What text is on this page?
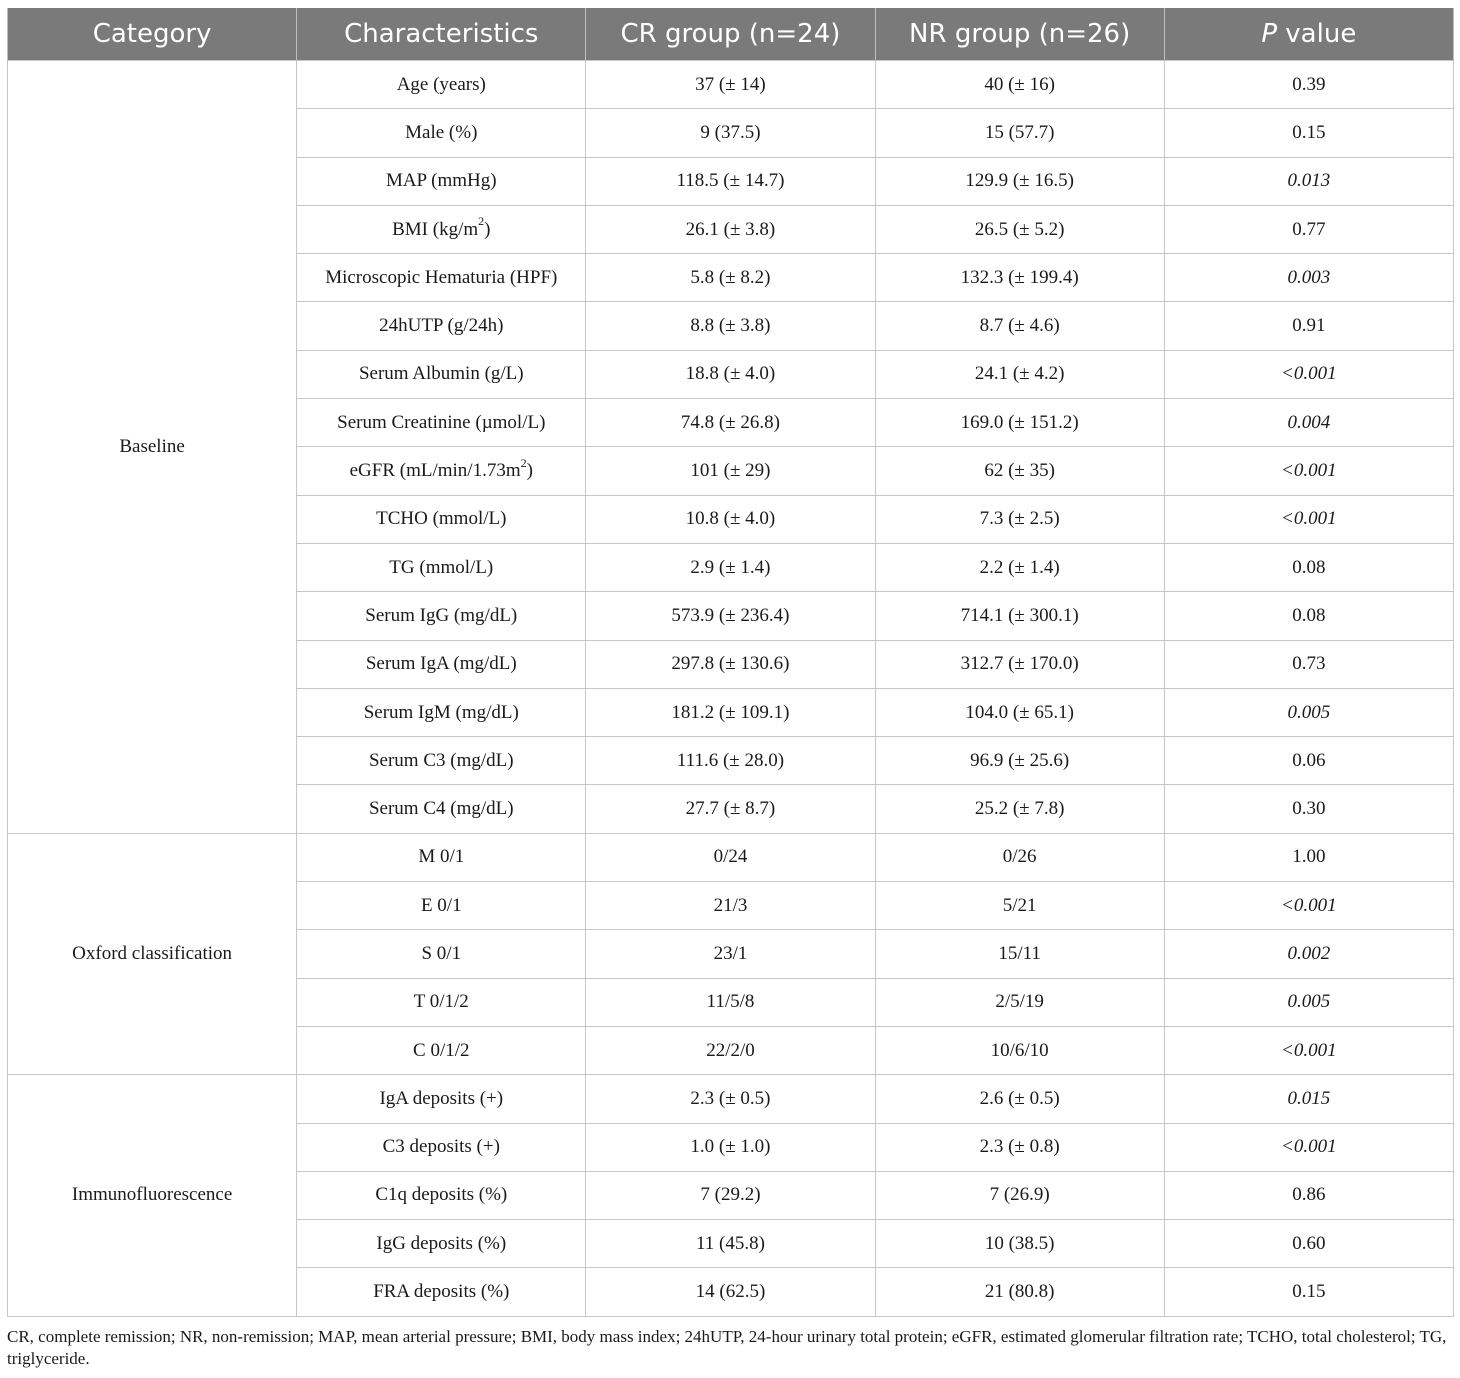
Category	Characteristics	CR group (n=24)	NR group (n=26)	P value
Baseline	Age (years)	37 (± 14)	40 (± 16)	0.39
	Male (%)	9 (37.5)	15 (57.7)	0.15
	MAP (mmHg)	118.5 (± 14.7)	129.9 (± 16.5)	0.013
	BMI $(kg/m^2)$	26.1 (± 3.8)	26.5 (± 5.2)	0.77
	Microscopic Hematuria (HPF)	5.8 (± 8.2)	132.3 (± 199.4)	0.003
	24hUTP (g/24h)	8.8 (± 3.8)	8.7 (± 4.6)	0.91
	Serum Albumin (g/L)	18.8 (± 4.0)	24.1 (± 4.2)	<0.001
	Serum Creatinine (µmol/L)	74.8 (± 26.8)	169.0 (± 151.2)	0.004
	eGFR $(mL/\min/1.73m^2)$	101 (± 29)	62 (± 35)	<0.001
	TCHO (mmol/L)	10.8 (± 4.0)	7.3 (± 2.5)	<0.001
	TG (mmol/L)	2.9 (± 1.4)	2.2 (± 1.4)	0.08
	Serum IgG (mg/dL)	573.9 (± 236.4)	714.1 (± 300.1)	0.08
	Serum IgA (mg/dL)	297.8 (± 130.6)	312.7 (± 170.0)	0.73
	Serum IgM (mg/dL)	181.2 (± 109.1)	104.0 (± 65.1)	0.005
	Serum C3 (mg/dL)	111.6 (± 28.0)	96.9 (± 25.6)	0.06
	Serum C4 (mg/dL)	27.7 (± 8.7)	25.2 (± 7.8)	0.30
Oxford classification	M 0/1	0/24	0/26	1.00
	E 0/1	21/3	5/21	<0.001
	S 0/1	23/1	15/11	0.002
	T 0/1/2	11/5/8	2/5/19	0.005
	C 0/1/2	22/2/0	10/6/10	<0.001
Immunofluorescence	IgA deposits (+)	2.3 (± 0.5)	2.6 (± 0.5)	0.015
	C3 deposits (+)	1.0 (± 1.0)	2.3 (± 0.8)	<0.001
	C1q deposits (%)	7 (29.2)	7 (26.9)	0.86
	IgG deposits (%)	11 (45.8)	10 (38.5)	0.60
	FRA deposits (%)	14 (62.5)	21 (80.8)	0.15
CR, complete remission; NR, non-remission; MAP, mean arterial pressure; BMI, body mass index; 24hUTP, 24-hour urinary total protein; eGFR, estimated glomerular filtration rate; TCHO, total cholesterol; TG, triglyceride.
